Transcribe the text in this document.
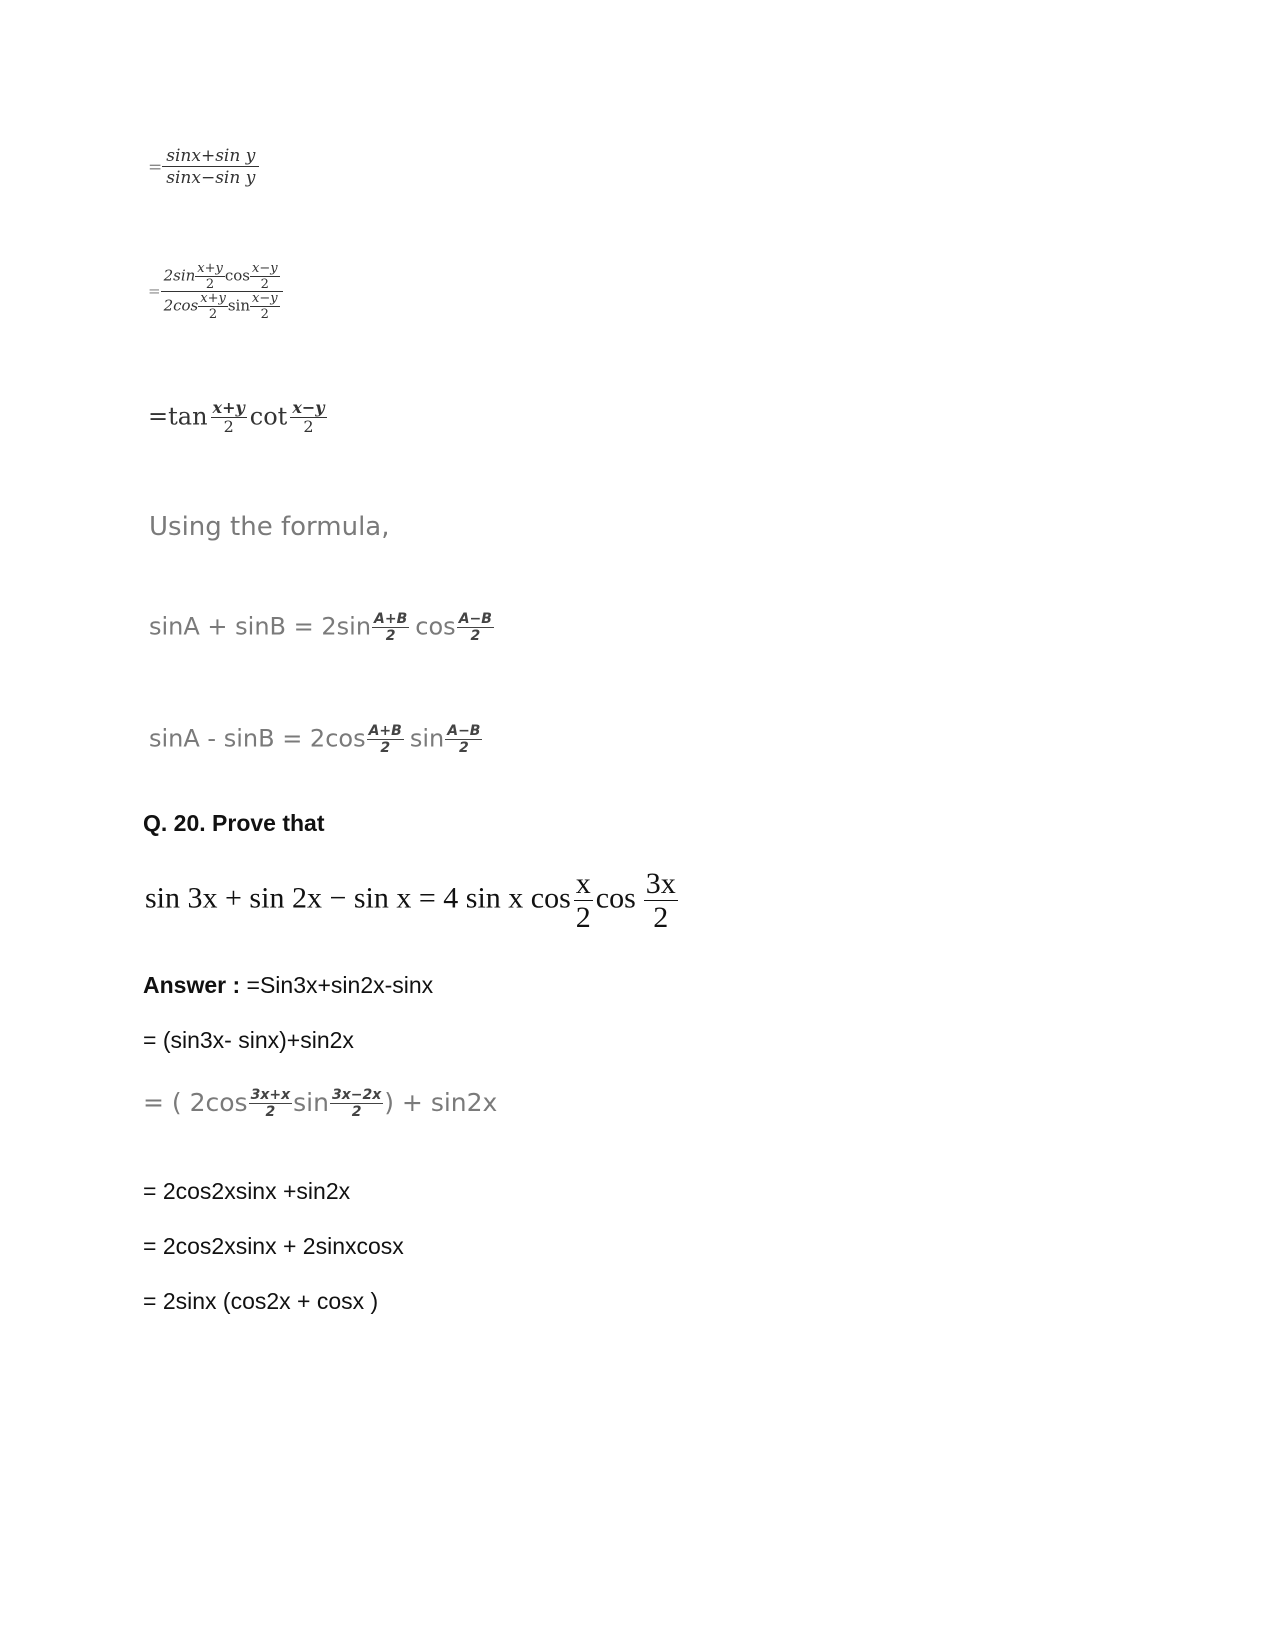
= $\frac{\text{sinx+sin y}}{\text{sinx−sin y}}$
= $\frac{2\sin \frac{x+y}{2} \cos \frac{x-y}{2}}{2\cos \frac{x+y}{2} \sin \frac{x-y}{2}}$
$=\tan \frac{x+y}{2}$ $\cot \frac{x-y}{2}$
Using the formula,
$\sin A + \sin B = 2\sin \frac{A+B}{2}$ $\cos \frac{A-B}{2}$
$\sin A - \sin B = 2\cos \frac{A+B}{2}$ $\sin \frac{A-B}{2}$
Q. 20. Prove that
sin 3x + sin 2x − sin x = 4 sin x $\cos \frac{x}{2}$ $\cos \frac{3x}{2}$
Answer : =Sin3x+sin2x-sinx
= (sin3x- sinx)+sin2x
= ( $2\cos \frac{3x+x}{2}$ $\sin \frac{3x-2x}{2}$ ) + sin2x
= 2cos2xsinx +sin2x
= 2cos2xsinx + 2sinxcosx
= 2sinx (cos2x + cosx )
